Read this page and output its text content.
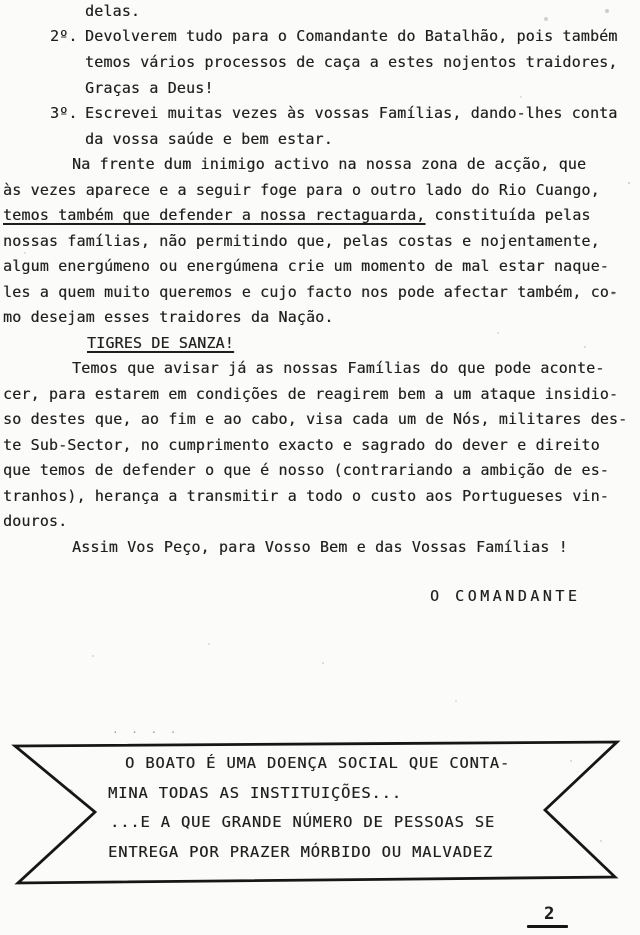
delas.
2º. Devolverem tudo para o Comandante do Batalhão, pois também
temos vários processos de caça a estes nojentos traidores,
Graças a Deus!
3º. Escrevei muitas vezes às vossas Famílias, dando-lhes conta
da vossa saúde e bem estar.
Na frente dum inimigo activo na nossa zona de acção, que
às vezes aparece e a seguir foge para o outro lado do Rio Cuango,
temos também que defender a nossa rectaguarda, constituída pelas
nossas famílias, não permitindo que, pelas costas e nojentamente,
algum energúmeno ou energúmena crie um momento de mal estar naque-
les a quem muito queremos e cujo facto nos pode afectar também, co-
mo desejam esses traidores da Nação.
TIGRES DE SANZA!
Temos que avisar já as nossas Famílias do que pode aconte-
cer, para estarem em condições de reagirem bem a um ataque insidio-
so destes que, ao fim e ao cabo, visa cada um de Nós, militares des-
te Sub-Sector, no cumprimento exacto e sagrado do dever e direito
que temos de defender o que é nosso (contrariando a ambição de es-
tranhos), herança a transmitir a todo o custo aos Portugueses vin-
douros.
Assim Vos Peço, para Vosso Bem e das Vossas Famílias !
O COMANDANTE
. . . .
O BOATO É UMA DOENÇA SOCIAL QUE CONTA-
MINA TODAS AS INSTITUIÇÕES...
...E A QUE GRANDE NÚMERO DE PESSOAS SE
ENTREGA POR PRAZER MÓRBIDO OU MALVADEZ
2
